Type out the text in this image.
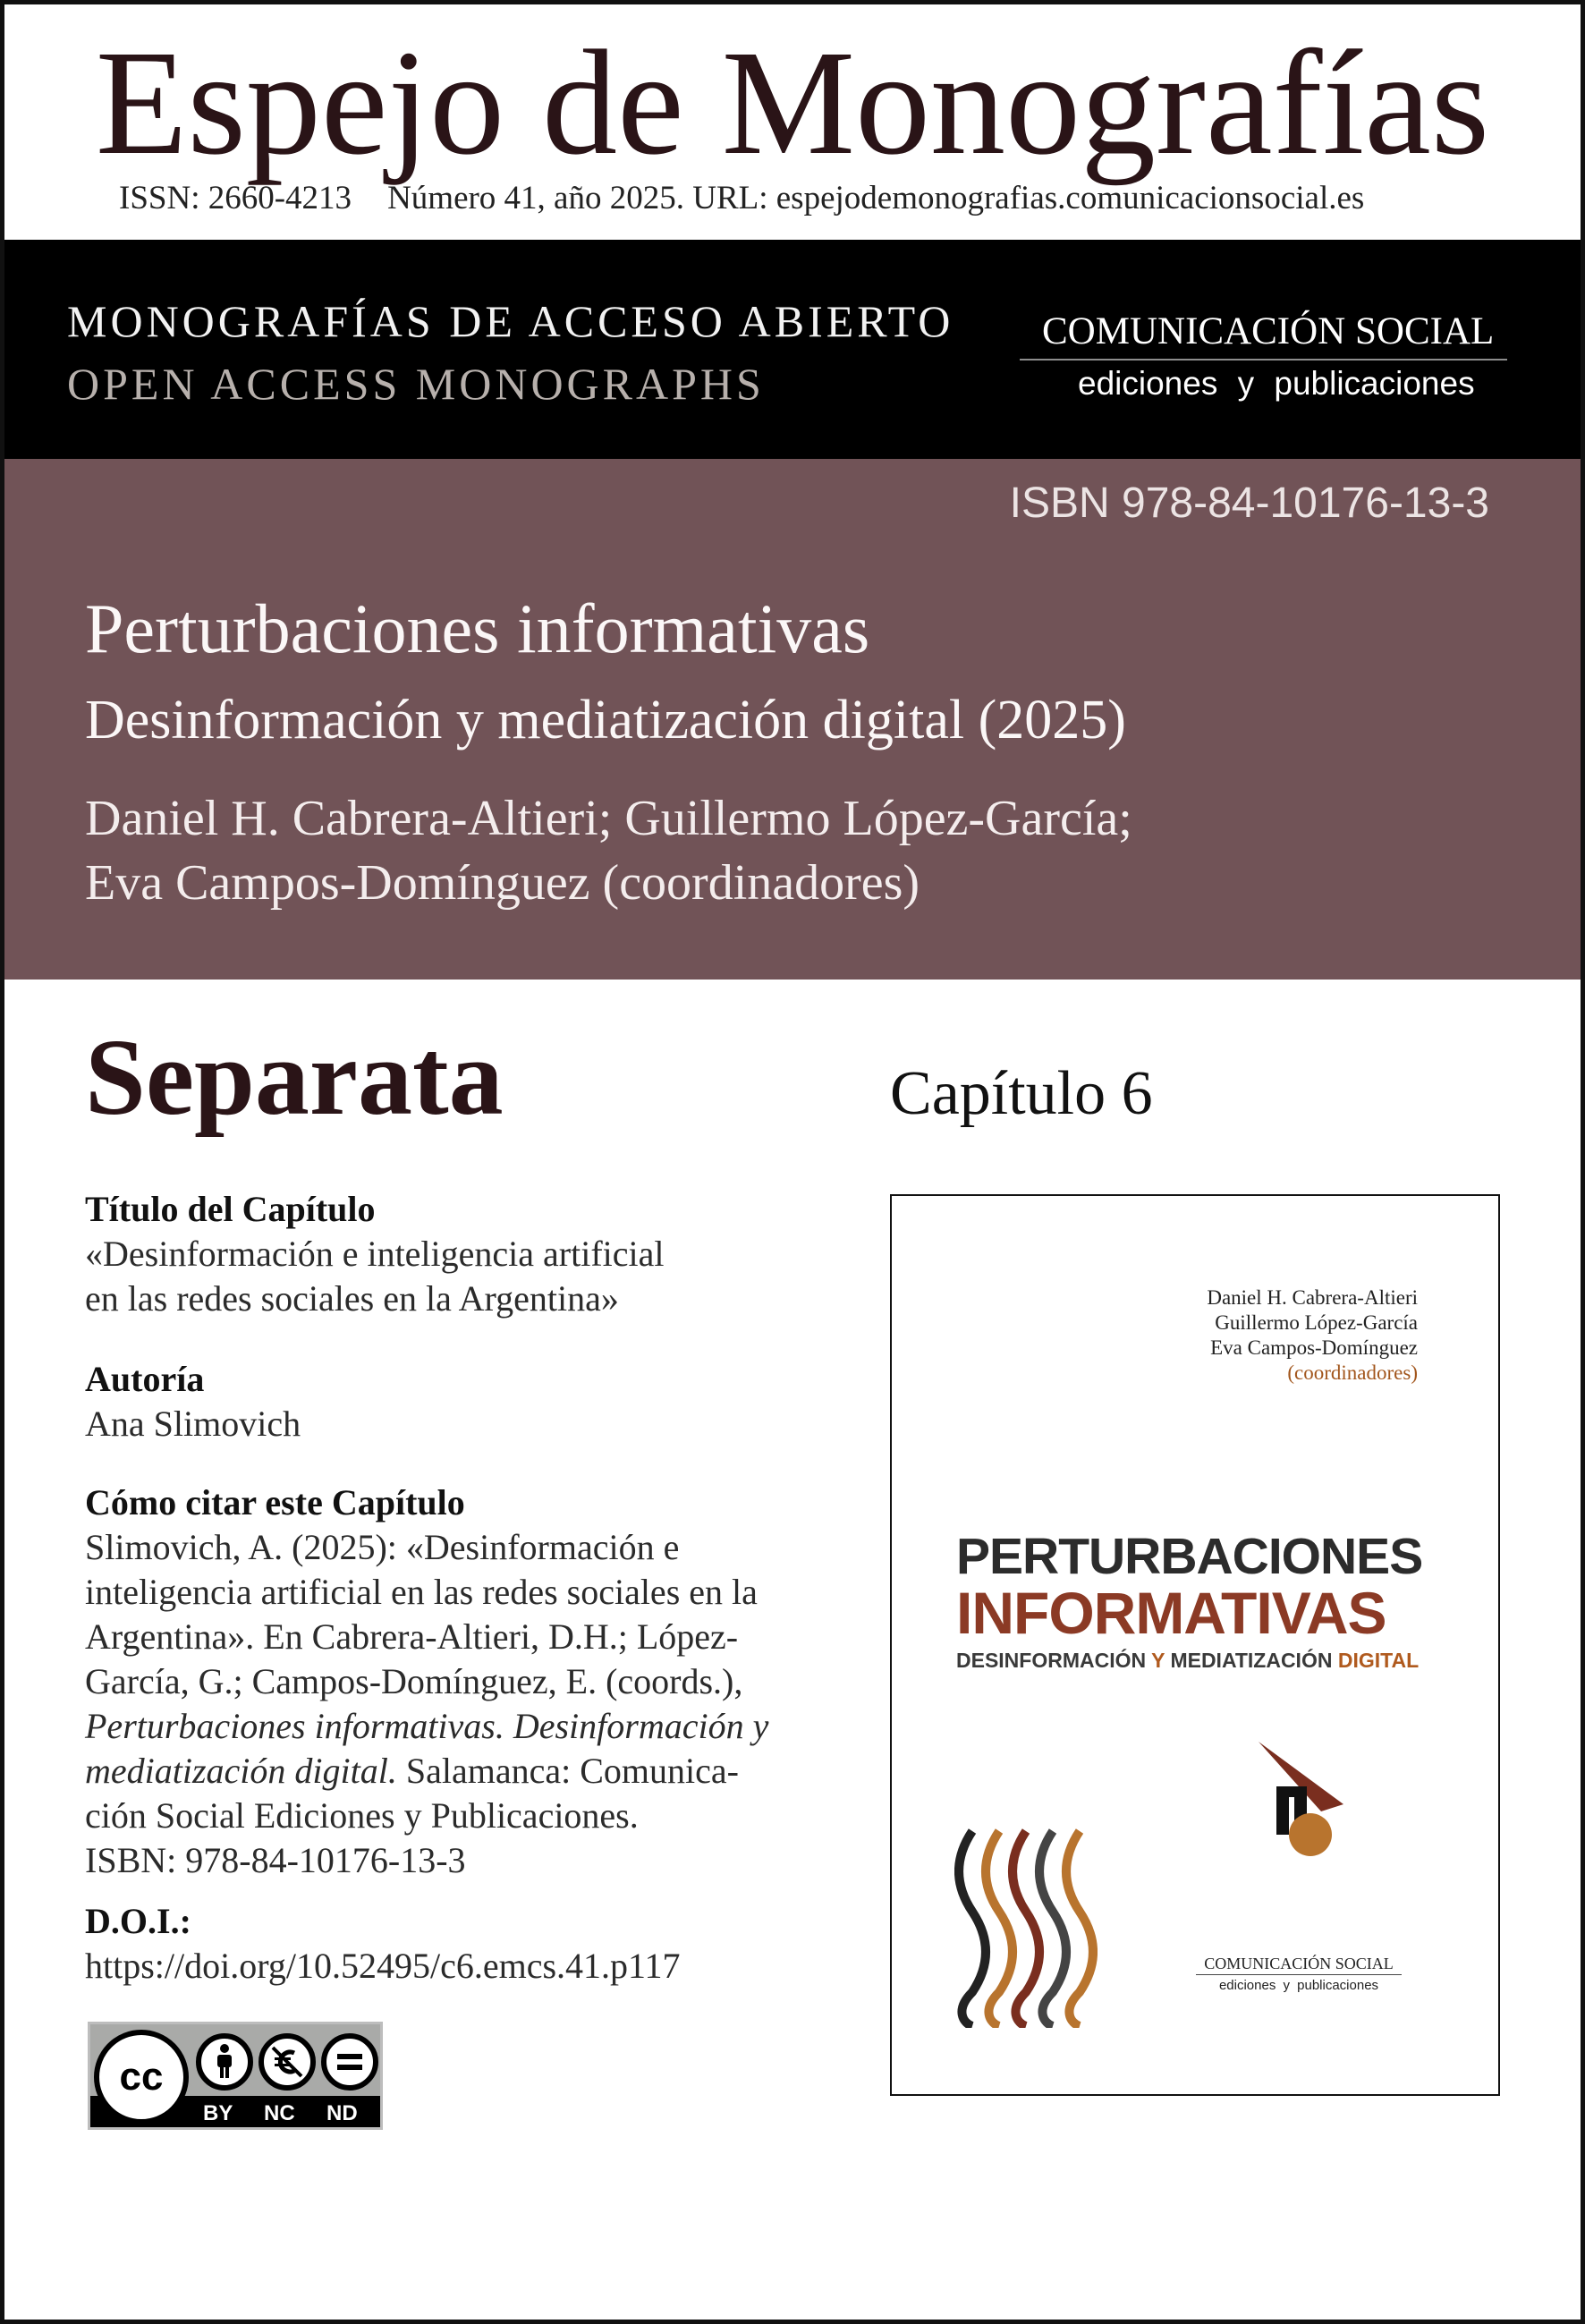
Espejo de Monografías
ISSN: 2660-4213 Número 41, año 2025. URL: espejodemonografias.comunicacionsocial.es
MONOGRAFÍAS DE ACCESO ABIERTO
OPEN ACCESS MONOGRAPHS
COMUNICACIÓN SOCIAL
ediciones y publicaciones
ISBN 978-84-10176-13-3
Perturbaciones informativas
Desinformación y mediatización digital (2025)
Daniel H. Cabrera-Altieri; Guillermo López-García;
Eva Campos-Domínguez (coordinadores)
Separata	Capítulo 6
Título del Capítulo
«Desinformación e inteligencia artificial
en las redes sociales en la Argentina»
Autoría
Ana Slimovich
Cómo citar este Capítulo
Slimovich, A. (2025): «Desinformación e
inteligencia artificial en las redes sociales en la
Argentina». En Cabrera-Altieri, D.H.; López-
García, G.; Campos-Domínguez, E. (coords.),
Perturbaciones informativas. Desinformación y
mediatización digital. Salamanca: Comunica-
ción Social Ediciones y Publicaciones.
ISBN: 978-84-10176-13-3
D.O.I.:
https://doi.org/10.52495/c6.emcs.41.p117
cc
BY NC ND
Daniel H. Cabrera-Altieri
Guillermo López-García
Eva Campos-Domínguez
(coordinadores)
PERTURBACIONES
INFORMATIVAS
DESINFORMACIÓN Y MEDIATIZACIÓN DIGITAL
COMUNICACIÓN SOCIAL
ediciones y publicaciones
